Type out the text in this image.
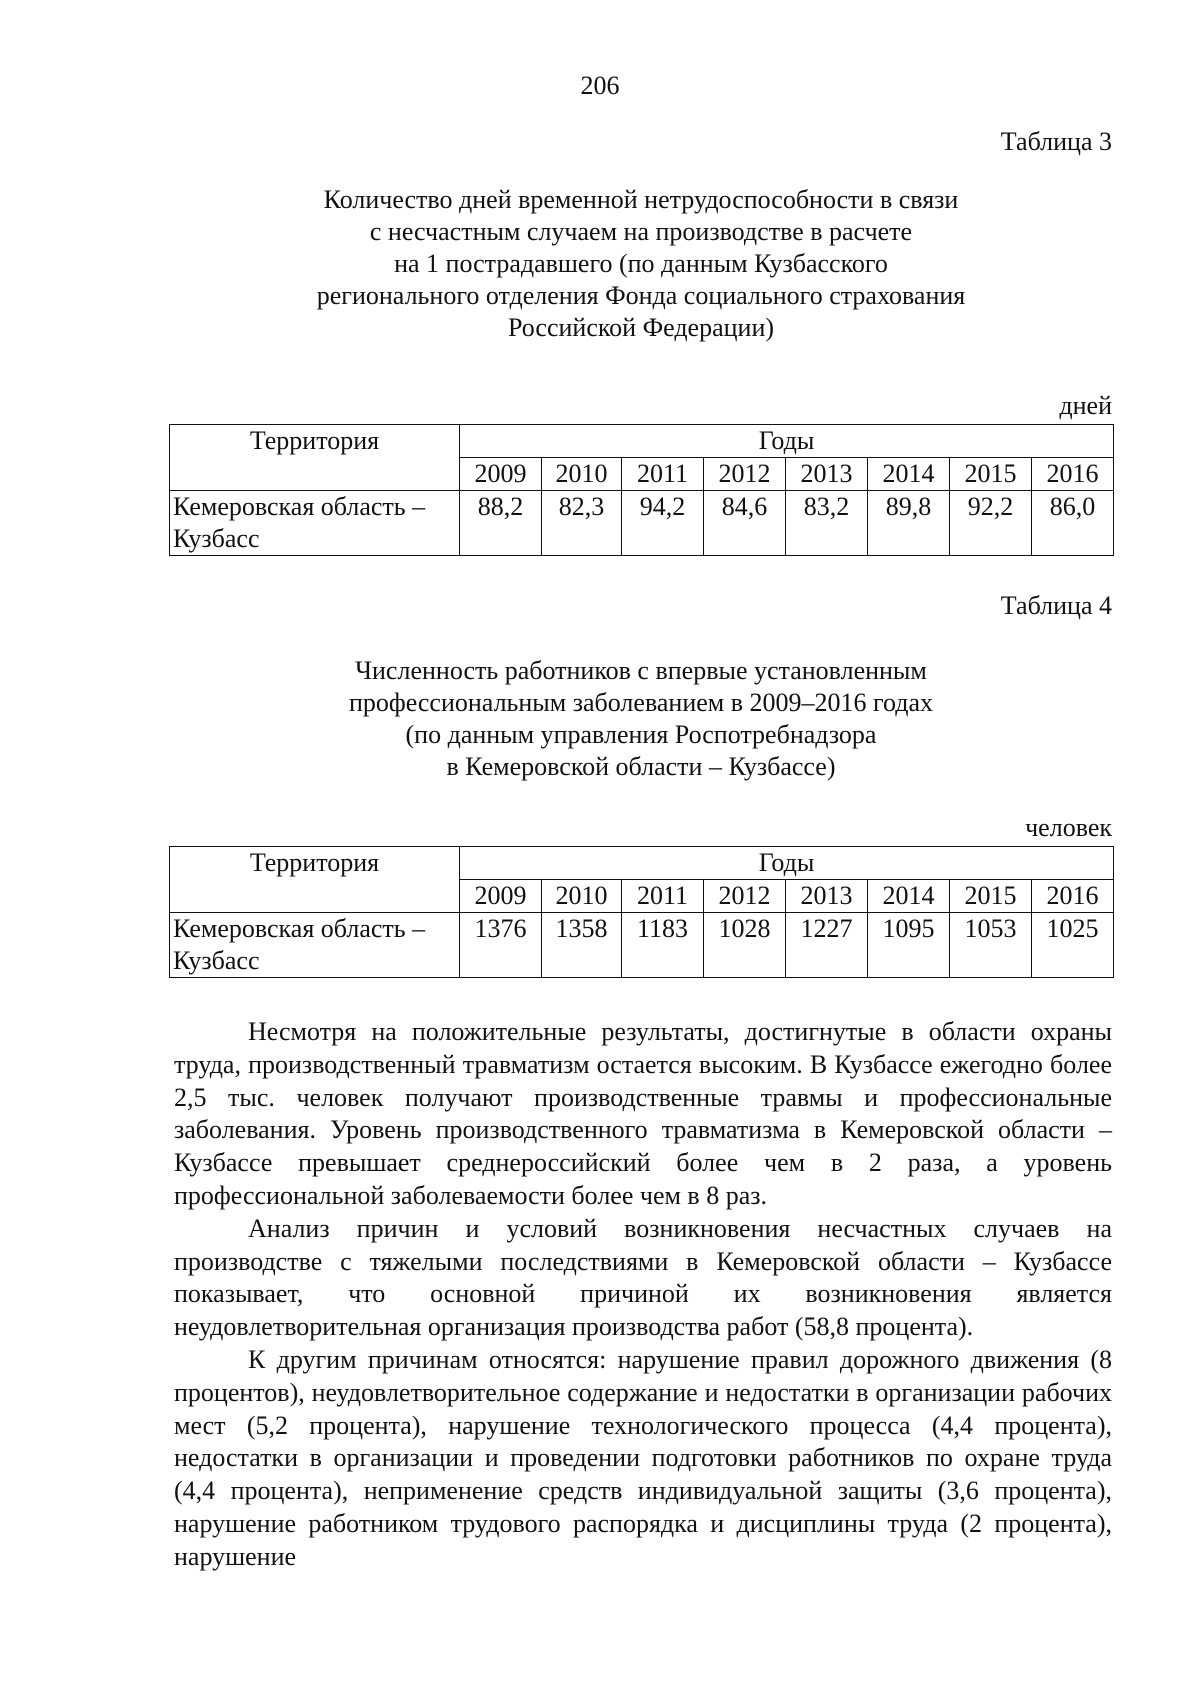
206
Таблица 3
Количество дней временной нетрудоспособности в связи
с несчастным случаем на производстве в расчете
на 1 пострадавшего (по данным Кузбасского
регионального отделения Фонда социального страхования
Российской Федерации)
дней
Территория	Годы							
	2009	2010	2011	2012	2013	2014	2015	2016
Кемеровская область – Кузбасс	88,2	82,3	94,2	84,6	83,2	89,8	92,2	86,0
Таблица 4
Численность работников с впервые установленным
профессиональным заболеванием в 2009–2016 годах
(по данным управления Роспотребнадзора
в Кемеровской области – Кузбассе)
человек
Территория	Годы							
	2009	2010	2011	2012	2013	2014	2015	2016
Кемеровская область – Кузбасс	1376	1358	1183	1028	1227	1095	1053	1025

Несмотря на положительные результаты, достигнутые в области охраны труда, производственный травматизм остается высоким. В Кузбассе ежегодно более 2,5 тыс. человек получают производственные травмы и профессиональные заболевания. Уровень производственного травматизма в Кемеровской области – Кузбассе превышает среднероссийский более чем в 2 раза, а уровень профессиональной заболеваемости более чем в 8 раз.

Анализ причин и условий возникновения несчастных случаев на производстве с тяжелыми последствиями в Кемеровской области – Кузбассе показывает, что основной причиной их возникновения является неудовлетворительная организация производства работ (58,8 процента).

К другим причинам относятся: нарушение правил дорожного движения (8 процентов), неудовлетворительное содержание и недостатки в организации рабочих мест (5,2 процента), нарушение технологического процесса (4,4 процента), недостатки в организации и проведении подготовки работников по охране труда (4,4 процента), неприменение средств индивидуальной защиты (3,6 процента), нарушение работником трудового распорядка и дисциплины труда (2 процента), нарушение
